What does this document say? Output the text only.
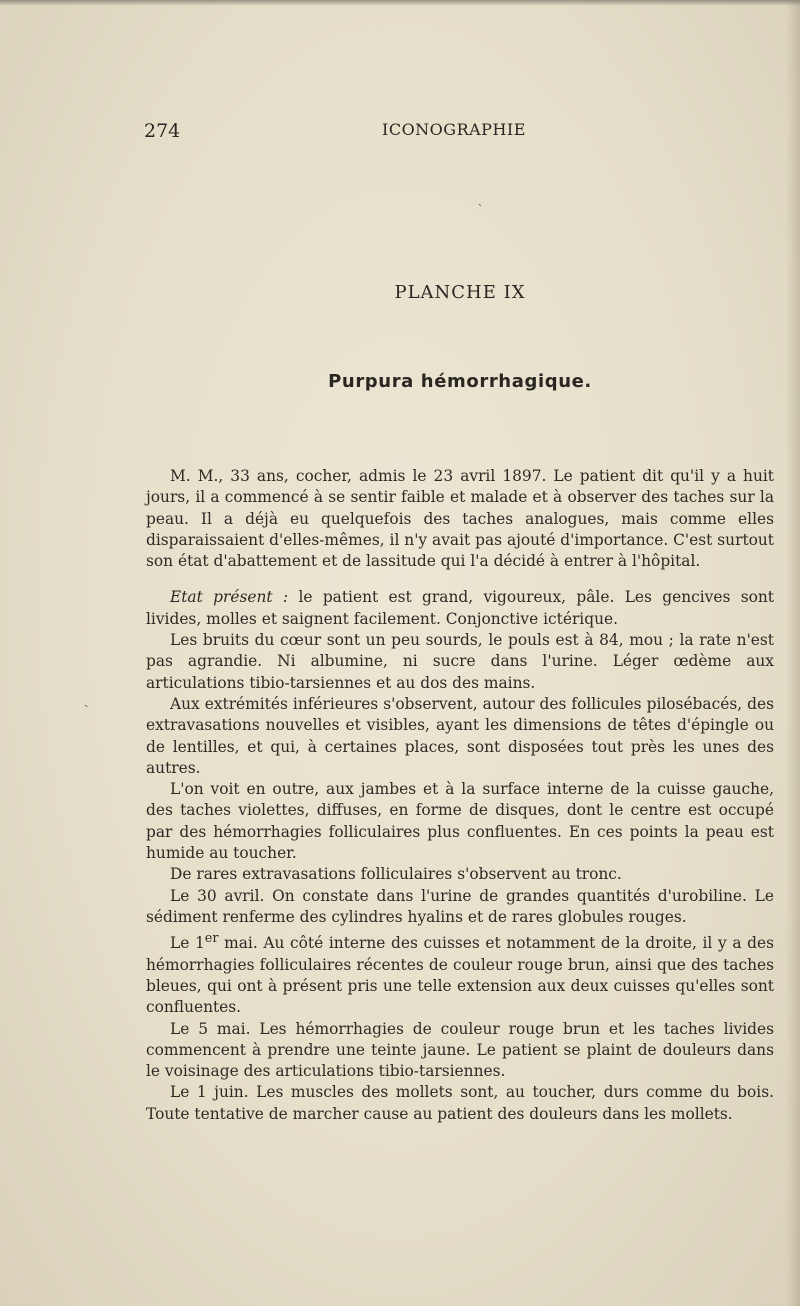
˴
˴
274	ICONOGRAPHIE
PLANCHE IX
Purpura hémorrhagique.

M. M., 33 ans, cocher, admis le 23 avril 1897. Le patient dit qu'il y a huit jours, il a commencé à se sentir faible et malade et à observer des taches sur la peau. Il a déjà eu quelquefois des taches analogues, mais comme elles disparaissaient d'elles-mêmes, il n'y avait pas ajouté d'importance. C'est surtout son état d'abattement et de lassitude qui l'a décidé à entrer à l'hôpital.

Etat présent : le patient est grand, vigoureux, pâle. Les gencives sont livides, molles et saignent facilement. Conjonctive ictérique.

Les bruits du cœur sont un peu sourds, le pouls est à 84, mou ; la rate n'est pas agrandie. Ni albumine, ni sucre dans l'urine. Léger œdème aux articulations tibio-tarsiennes et au dos des mains.

Aux extrémités inférieures s'observent, autour des follicules pilosébacés, des extravasations nouvelles et visibles, ayant les dimensions de têtes d'épingle ou de lentilles, et qui, à certaines places, sont disposées tout près les unes des autres.

L'on voit en outre, aux jambes et à la surface interne de la cuisse gauche, des taches violettes, diffuses, en forme de disques, dont le centre est occupé par des hémorrhagies folliculaires plus confluentes. En ces points la peau est humide au toucher.

De rares extravasations folliculaires s'observent au tronc.

Le 30 avril. On constate dans l'urine de grandes quantités d'urobiline. Le sédiment renferme des cylindres hyalins et de rares globules rouges.

Le 1er mai. Au côté interne des cuisses et notamment de la droite, il y a des hémorrhagies folliculaires récentes de couleur rouge brun, ainsi que des taches bleues, qui ont à présent pris une telle extension aux deux cuisses qu'elles sont confluentes.

Le 5 mai. Les hémorrhagies de couleur rouge brun et les taches livides commencent à prendre une teinte jaune. Le patient se plaint de douleurs dans le voisinage des articulations tibio-tarsiennes.

Le 1 juin. Les muscles des mollets sont, au toucher, durs comme du bois. Toute tentative de marcher cause au patient des douleurs dans les mollets.
